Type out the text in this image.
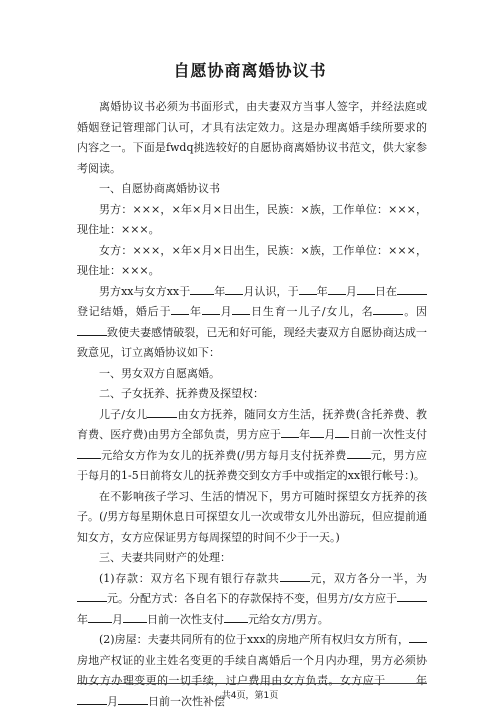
自愿协商离婚协议书

离婚协议书必须为书面形式，由夫妻双方当事人签字，并经法庭或婚姻登记管理部门认可，才具有法定效力。这是办理离婚手续所要求的内容之一。下面是fwdq挑选较好的自愿协商离婚协议书范文，供大家参考阅读。

一、自愿协商离婚协议书

男方：×××，×年×月×日出生，民族：×族，工作单位：×××，现住址：×××。

女方：×××，×年×月×日出生，民族：×族，工作单位：×××，现住址：×××。

男方xx与女方xx于 年 月认识，于 年 月 日在登记结婚，婚后于 年 月 日生育一儿子/女儿，名	。因致使夫妻感情破裂，已无和好可能，现经夫妻双方自愿协商达成一致意见，订立离婚协议如下：

一、男女双方自愿离婚。

二、子女抚养、抚养费及探望权：

儿子/女儿	由女方抚养，随同女方生活，抚养费(含托养费、教育费、医疗费)由男方全部负责，男方应于 年 月 日前一次性支付元给女方作为女儿的抚养费(/男方每月支付抚养费 元，男方应于每月的1-5日前将女儿的抚养费交到女方手中或指定的xx银行帐号：)。

在不影响孩子学习、生活的情况下，男方可随时探望女方抚养的孩子。(/男方每星期休息日可探望女儿一次或带女儿外出游玩，但应提前通知女方，女方应保证男方每周探望的时间不少于一天。)

三、夫妻共同财产的处理：

(1)存款：双方名下现有银行存款共	元，双方各分一半，为元。分配方式：各自名下的存款保持不变，但男方/女方应于年 月 日前一次性支付 元给女方/男方。

(2)房屋：夫妻共同所有的位于xxx的房地产所有权归女方所有，房地产权证的业主姓名变更的手续自离婚后一个月内办理，男方必须协助女方办理变更的一切手续，过户费用由女方负责。女方应于	年月	日前一次性补偿

共4页，第1页
